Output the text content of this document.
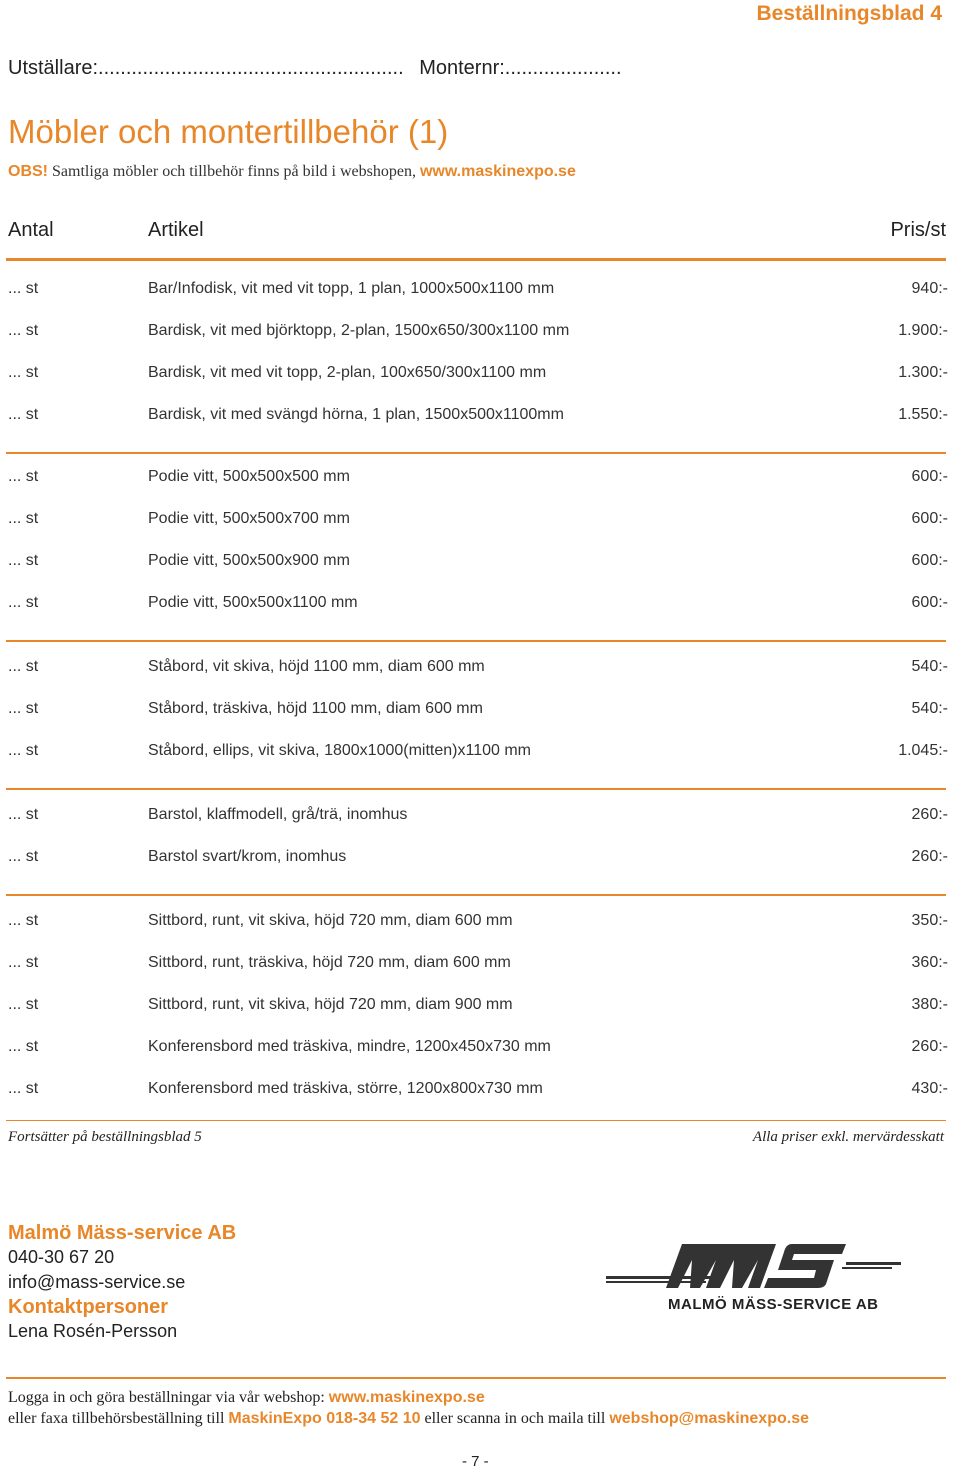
Beställningsblad 4
Utställare:....................................................... Monternr:.....................
Möbler och montertillbehör (1)
OBS! Samtliga möbler och tillbehör finns på bild i webshopen, www.maskinexpo.se
Antal	Artikel	Pris/st
... st	Bar/Infodisk, vit med vit topp, 1 plan, 1000x500x1100 mm	940:-
... st	Bardisk, vit med björktopp, 2-plan, 1500x650/300x1100 mm	1.900:-
... st	Bardisk, vit med vit topp, 2-plan, 100x650/300x1100 mm	1.300:-
... st	Bardisk, vit med svängd hörna, 1 plan, 1500x500x1100mm	1.550:-
... st	Podie vitt, 500x500x500 mm	600:-
... st	Podie vitt, 500x500x700 mm	600:-
... st	Podie vitt, 500x500x900 mm	600:-
... st	Podie vitt, 500x500x1100 mm	600:-
... st	Ståbord, vit skiva, höjd 1100 mm, diam 600 mm	540:-
... st	Ståbord, träskiva, höjd 1100 mm, diam 600 mm	540:-
... st	Ståbord, ellips, vit skiva, 1800x1000(mitten)x1100 mm	1.045:-
... st	Barstol, klaffmodell, grå/trä, inomhus	260:-
... st	Barstol svart/krom, inomhus	260:-
... st	Sittbord, runt, vit skiva, höjd 720 mm, diam 600 mm	350:-
... st	Sittbord, runt, träskiva, höjd 720 mm, diam 600 mm	360:-
... st	Sittbord, runt, vit skiva, höjd 720 mm, diam 900 mm	380:-
... st	Konferensbord med träskiva, mindre, 1200x450x730 mm	260:-
... st	Konferensbord med träskiva, större, 1200x800x730 mm	430:-
Fortsätter på beställningsblad 5	Alla priser exkl. mervärdesskatt
Malmö Mäss-service AB
040-30 67 20
info@mass-service.se
Kontaktpersoner
Lena Rosén-Persson
MALMÖ MÄSS-SERVICE AB
Logga in och göra beställningar via vår webshop: www.maskinexpo.se
eller faxa tillbehörsbeställning till MaskinExpo 018-34 52 10 eller scanna in och maila till webshop@maskinexpo.se
- 7 -
